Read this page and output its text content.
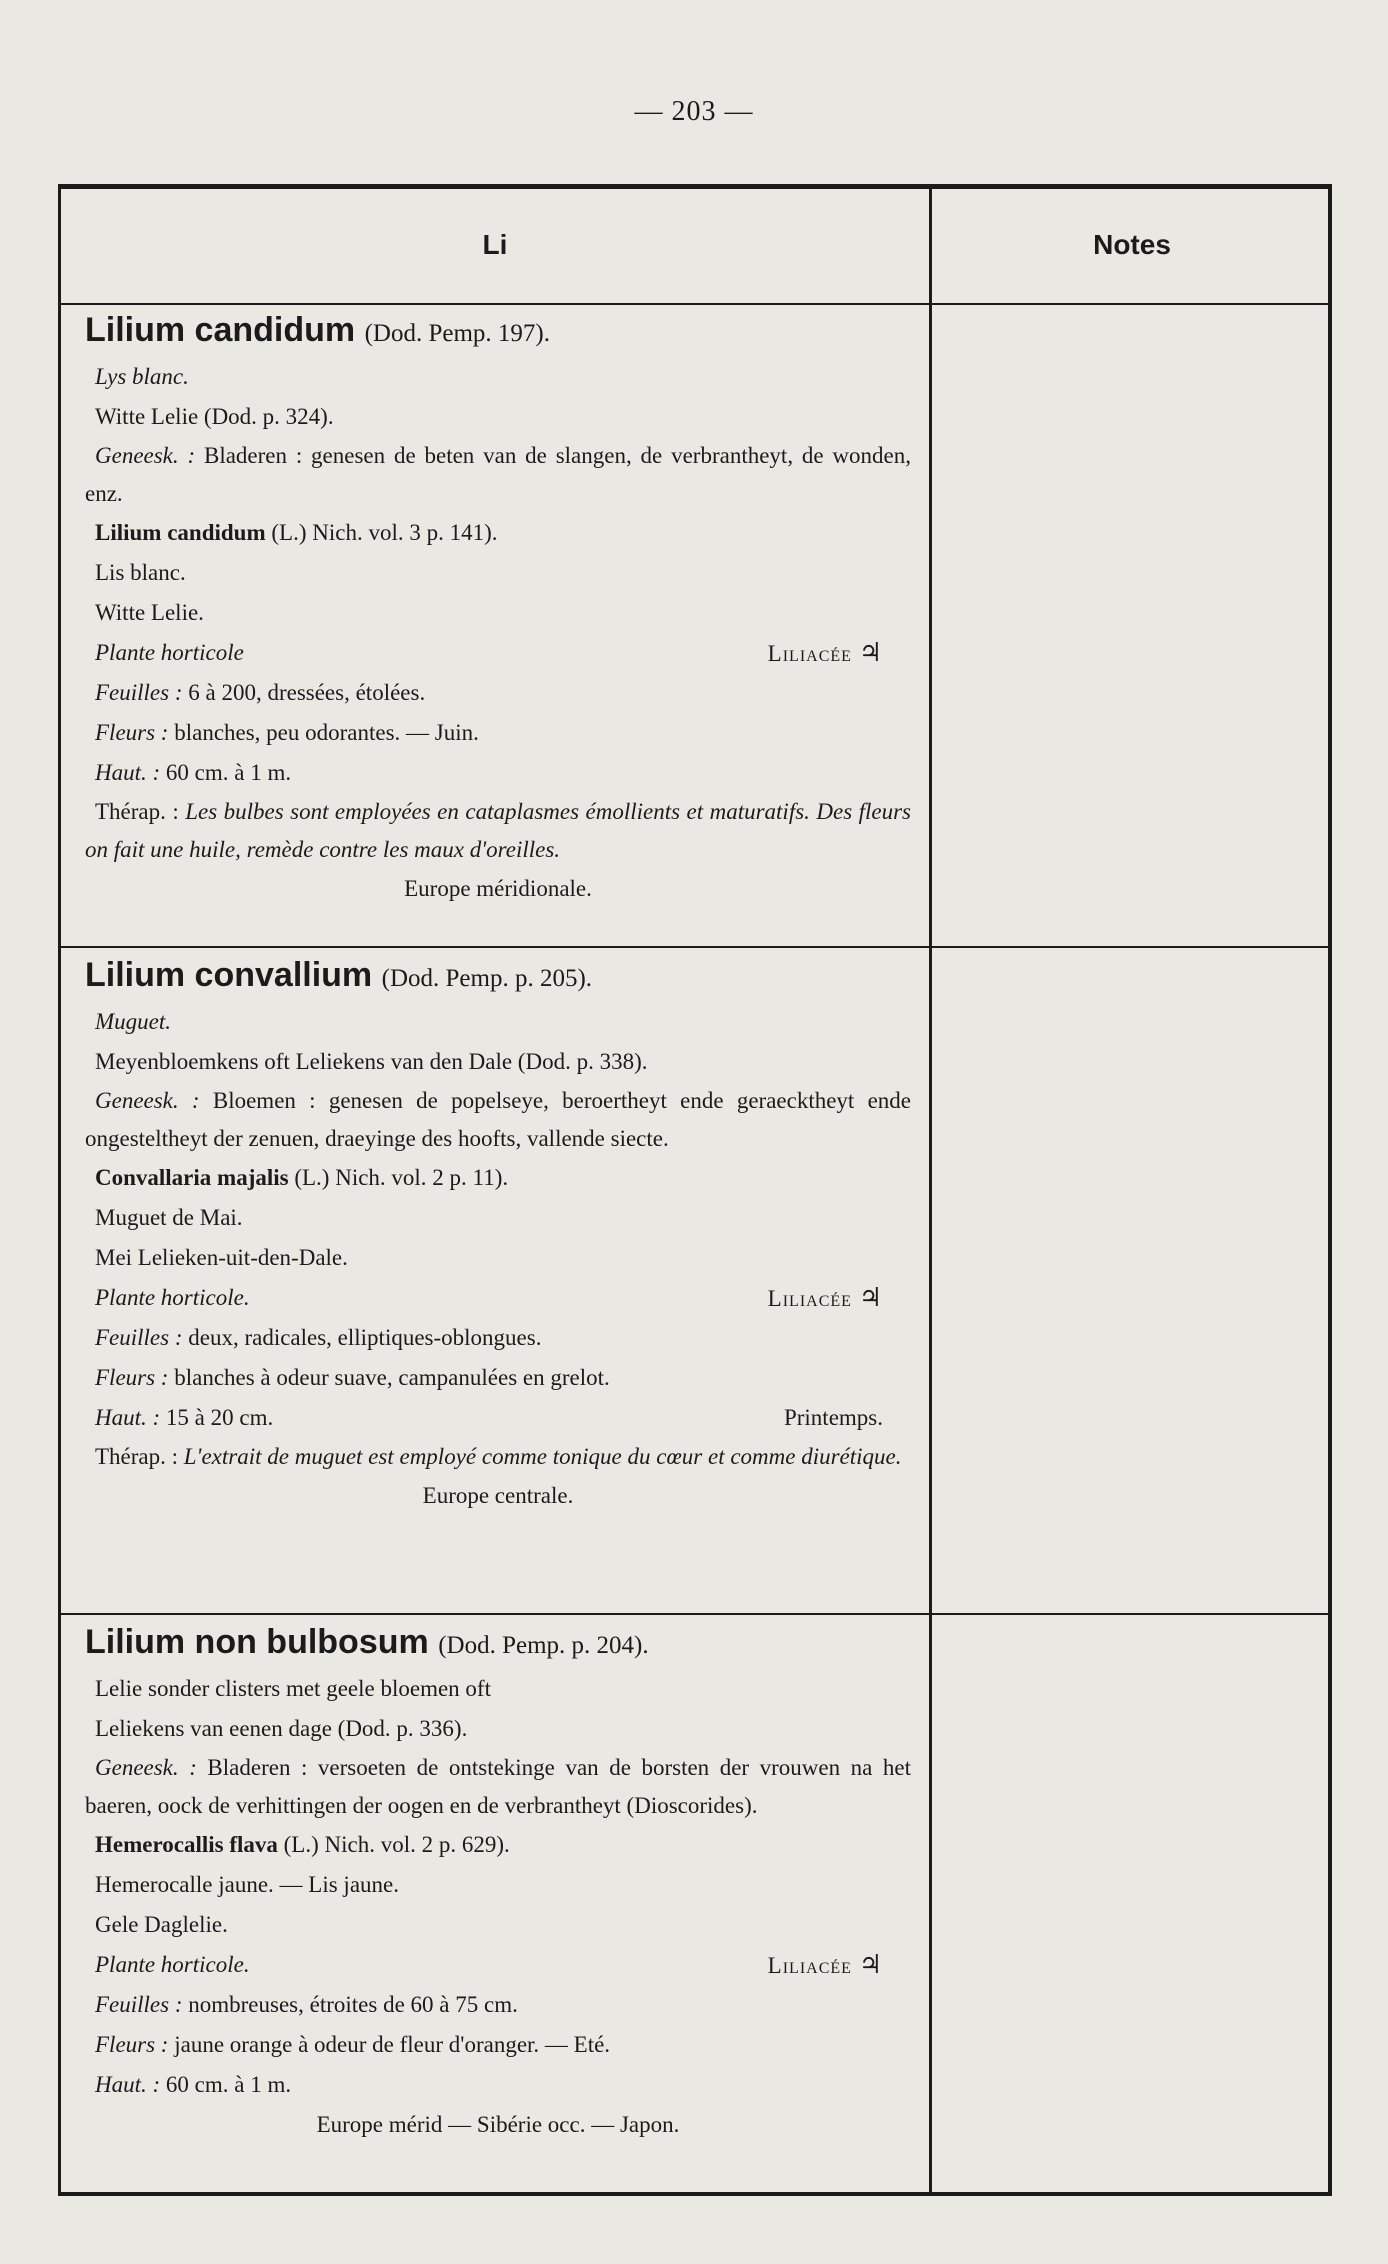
— 203 —
Li	Notes
Lilium candidum (Dod. Pemp. 197).
Lys blanc.
Witte Lelie (Dod. p. 324).
Geneesk. : Bladeren : genesen de beten van de slangen, de verbrantheyt, de wonden, enz.
Lilium candidum (L.) Nich. vol. 3 p. 141).
Lis blanc.
Witte Lelie.
Plante horticole	Liliacée ♃
Feuilles : 6 à 200, dressées, étolées.
Fleurs : blanches, peu odorantes. — Juin.
Haut. : 60 cm. à 1 m.
Thérap. : Les bulbes sont employées en cataplasmes émollients et maturatifs. Des fleurs on fait une huile, remède contre les maux d'oreilles.
Europe méridionale.
Lilium convallium (Dod. Pemp. p. 205).
Muguet.
Meyenbloemkens oft Leliekens van den Dale (Dod. p. 338).
Geneesk. : Bloemen : genesen de popelseye, beroertheyt ende geraecktheyt ende ongesteltheyt der zenuen, draeyinge des hoofts, vallende siecte.
Convallaria majalis (L.) Nich. vol. 2 p. 11).
Muguet de Mai.
Mei Lelieken-uit-den-Dale.
Plante horticole.	Liliacée ♃
Feuilles : deux, radicales, elliptiques-oblongues.
Fleurs : blanches à odeur suave, campanulées en grelot.
Haut. : 15 à 20 cm.	Printemps.
Thérap. : L'extrait de muguet est employé comme tonique du cœur et comme diurétique.
Europe centrale.
Lilium non bulbosum (Dod. Pemp. p. 204).
Lelie sonder clisters met geele bloemen oft
Leliekens van eenen dage (Dod. p. 336).
Geneesk. : Bladeren : versoeten de ontstekinge van de borsten der vrouwen na het baeren, oock de verhittingen der oogen en de verbrantheyt (Dioscorides).
Hemerocallis flava (L.) Nich. vol. 2 p. 629).
Hemerocalle jaune. — Lis jaune.
Gele Daglelie.
Plante horticole.	Liliacée ♃
Feuilles : nombreuses, étroites de 60 à 75 cm.
Fleurs : jaune orange à odeur de fleur d'oranger. — Eté.
Haut. : 60 cm. à 1 m.
Europe mérid — Sibérie occ. — Japon.
